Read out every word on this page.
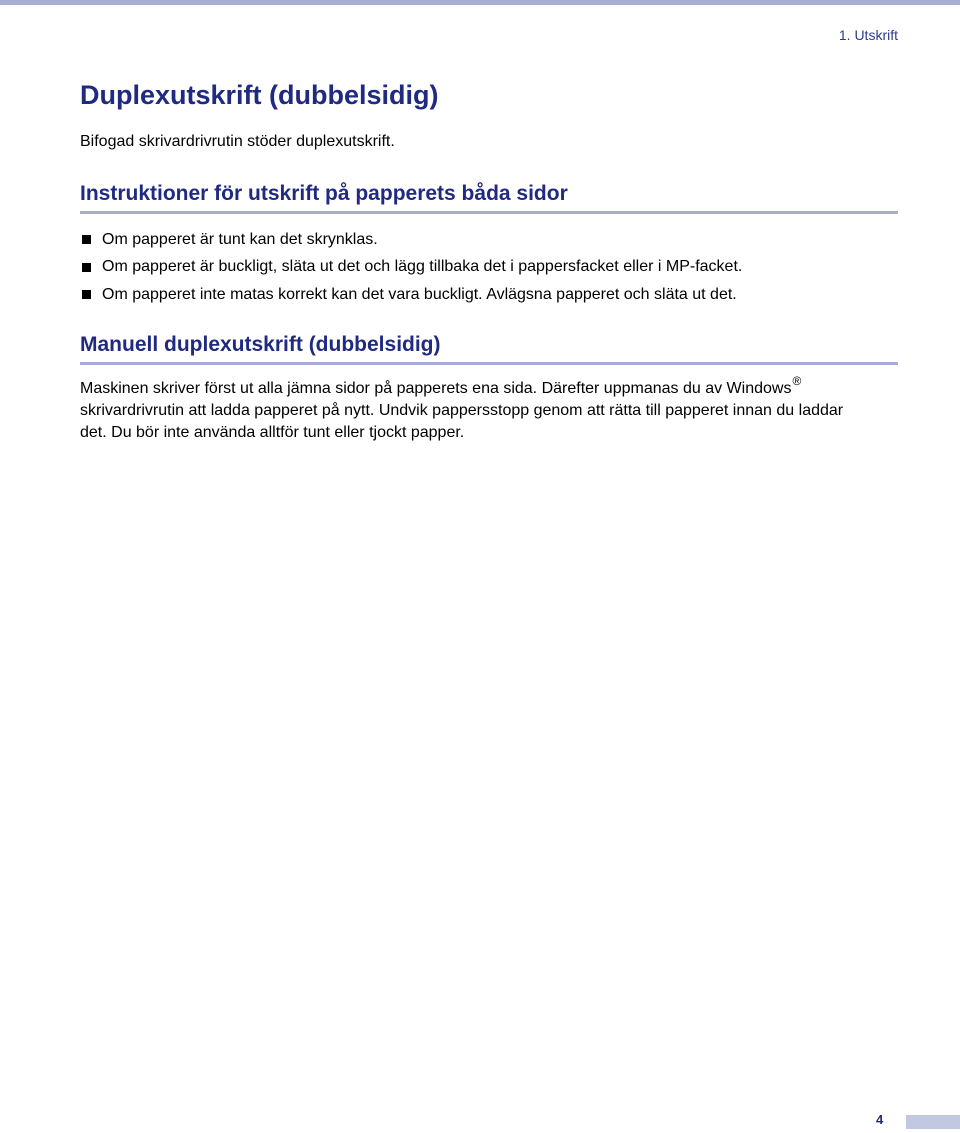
1. Utskrift
Duplexutskrift (dubbelsidig)

Bifogad skrivardrivrutin stöder duplexutskrift.

Instruktioner för utskrift på papperets båda sidor
Om papperet är tunt kan det skrynklas.
Om papperet är buckligt, släta ut det och lägg tillbaka det i pappersfacket eller i MP-facket.
Om papperet inte matas korrekt kan det vara buckligt. Avlägsna papperet och släta ut det.
Manuell duplexutskrift (dubbelsidig)

Maskinen skriver först ut alla jämna sidor på papperets ena sida. Därefter uppmanas du av Windows®
skrivardrivrutin att ladda papperet på nytt. Undvik pappersstopp genom att rätta till papperet innan du laddar
det. Du bör inte använda alltför tunt eller tjockt papper.

4
